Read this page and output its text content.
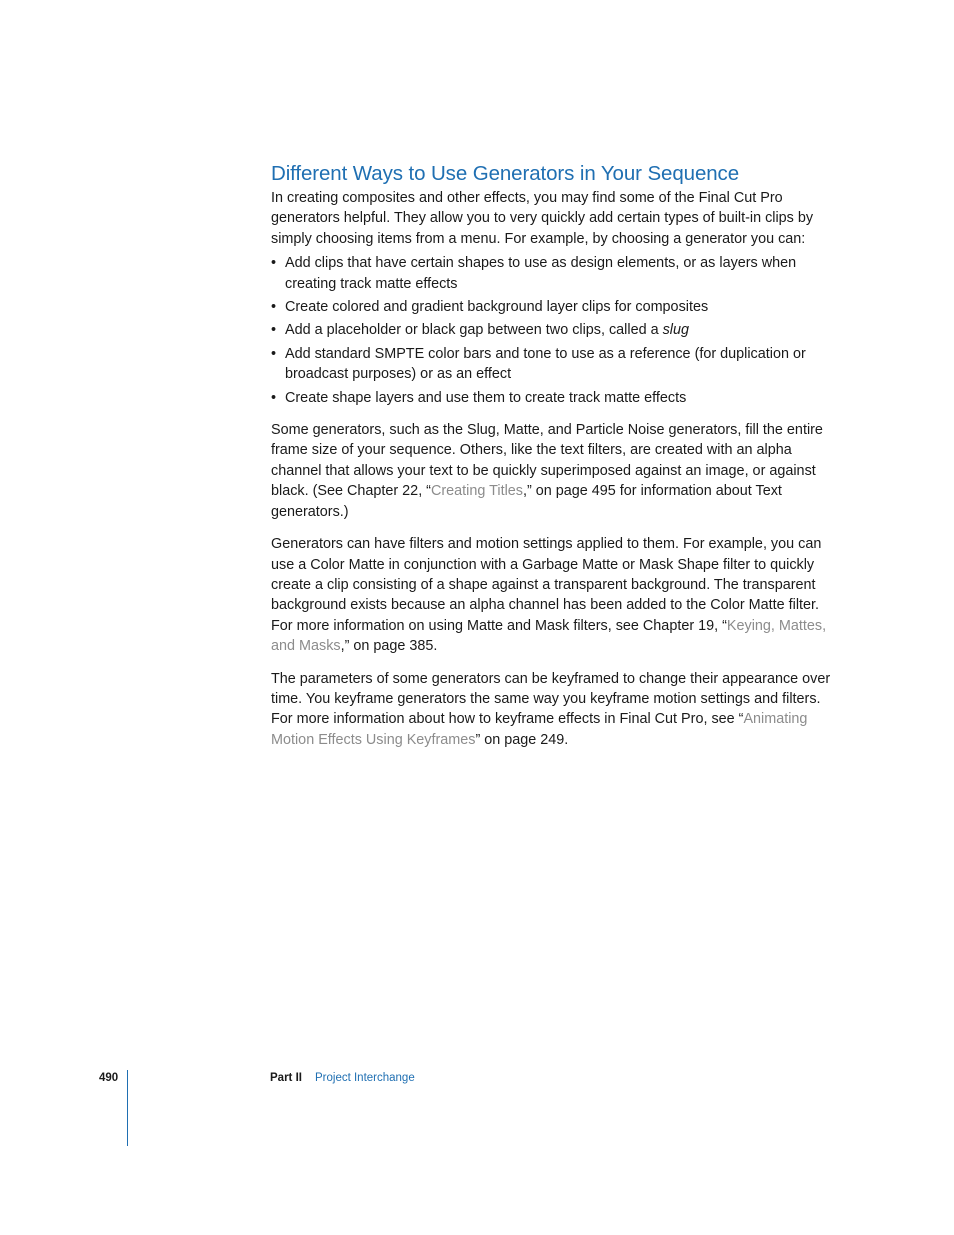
Different Ways to Use Generators in Your Sequence

In creating composites and other effects, you may find some of the Final Cut Pro generators helpful. They allow you to very quickly add certain types of built-in clips by simply choosing items from a menu. For example, by choosing a generator you can:

• Add clips that have certain shapes to use as design elements, or as layers when creating track matte effects
• Create colored and gradient background layer clips for composites
• Add a placeholder or black gap between two clips, called a slug
• Add standard SMPTE color bars and tone to use as a reference (for duplication or broadcast purposes) or as an effect
• Create shape layers and use them to create track matte effects

Some generators, such as the Slug, Matte, and Particle Noise generators, fill the entire frame size of your sequence. Others, like the text filters, are created with an alpha channel that allows your text to be quickly superimposed against an image, or against black. (See Chapter 22, “Creating Titles,” on page 495 for information about Text generators.)

Generators can have filters and motion settings applied to them. For example, you can use a Color Matte in conjunction with a Garbage Matte or Mask Shape filter to quickly create a clip consisting of a shape against a transparent background. The transparent background exists because an alpha channel has been added to the Color Matte filter. For more information on using Matte and Mask filters, see Chapter 19, “Keying, Mattes, and Masks,” on page 385.

The parameters of some generators can be keyframed to change their appearance over time. You keyframe generators the same way you keyframe motion settings and filters. For more information about how to keyframe effects in Final Cut Pro, see “Animating Motion Effects Using Keyframes” on page 249.

490	Part II Project Interchange
